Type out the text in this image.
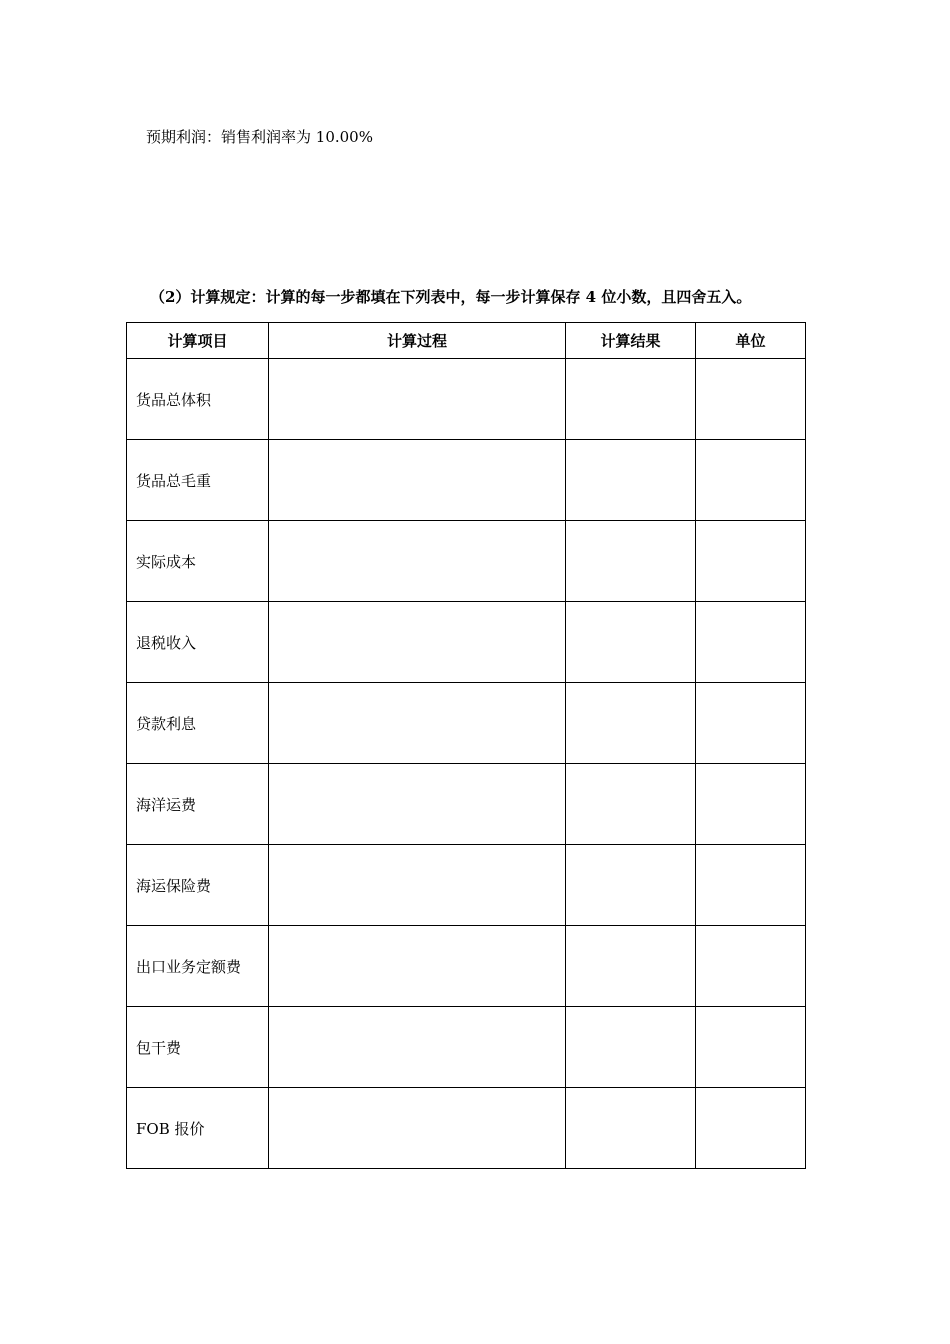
预期利润：销售利润率为 10.00%
（2）计算规定：计算的每一步都填在下列表中，每一步计算保存 4 位小数，且四舍五入。
计算项目	计算过程	计算结果	单位
货品总体积			
货品总毛重			
实际成本			
退税收入			
贷款利息			
海洋运费			
海运保险费			
出口业务定额费			
包干费			
FOB 报价			
